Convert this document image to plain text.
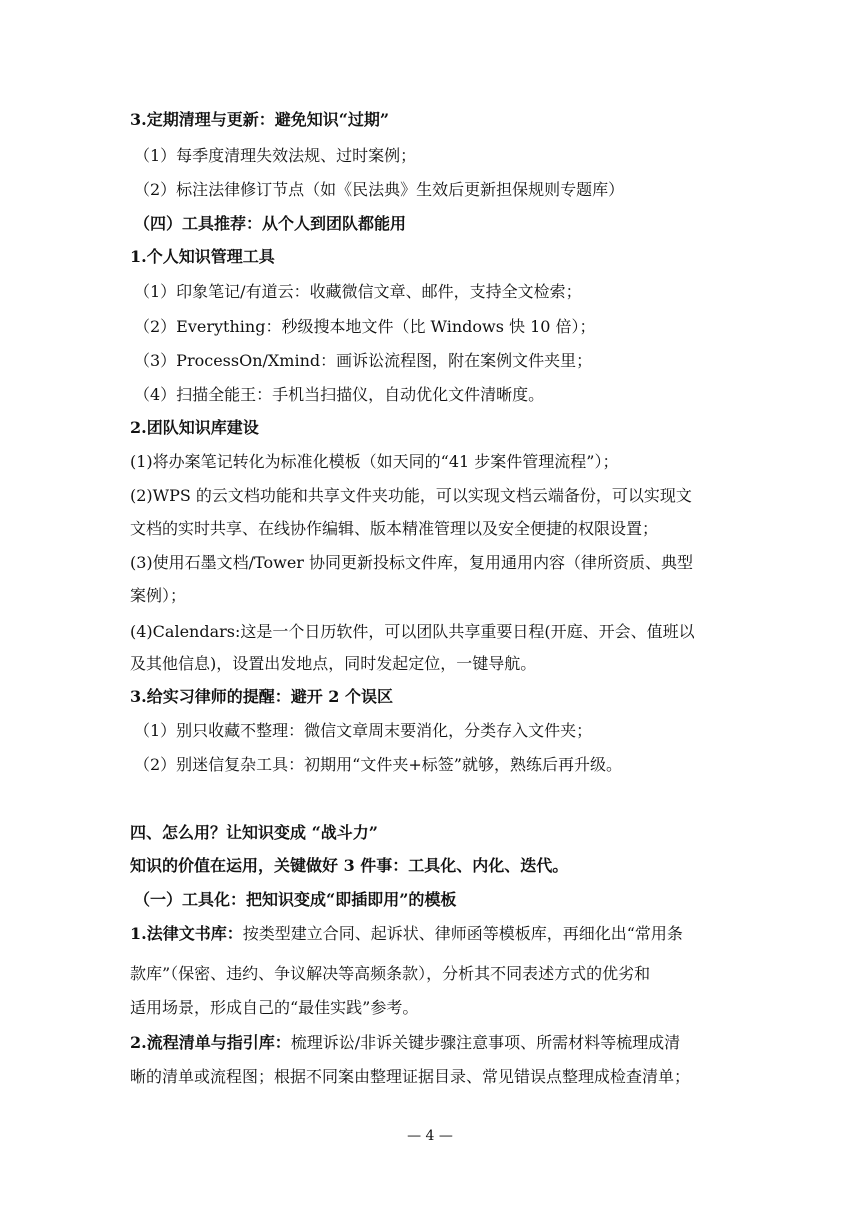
3.定期清理与更新：避免知识“过期”
（1）每季度清理失效法规、过时案例；
（2）标注法律修订节点（如《民法典》生效后更新担保规则专题库）
（四）工具推荐：从个人到团队都能用
1.个人知识管理工具
（1）印象笔记/有道云：收藏微信文章、邮件，支持全文检索；
（2）Everything：秒级搜本地文件（比 Windows 快 10 倍）；
（3）ProcessOn/Xmind：画诉讼流程图，附在案例文件夹里；
（4）扫描全能王：手机当扫描仪，自动优化文件清晰度。
2.团队知识库建设
(1)将办案笔记转化为标准化模板（如天同的“41 步案件管理流程”）；
(2)WPS 的云文档功能和共享文件夹功能，可以实现文档云端备份，可以实现文
文档的实时共享、在线协作编辑、版本精准管理以及安全便捷的权限设置；
(3)使用石墨文档/Tower 协同更新投标文件库，复用通用内容（律所资质、典型
案例）；
(4)Calendars:这是一个日历软件，可以团队共享重要日程(开庭、开会、值班以
及其他信息)，设置出发地点，同时发起定位，一键导航。
3.给实习律师的提醒：避开 2 个误区
（1）别只收藏不整理：微信文章周末要消化，分类存入文件夹；
（2）别迷信复杂工具：初期用“文件夹+标签”就够，熟练后再升级。
四、怎么用？让知识变成 “战斗力”
知识的价值在运用，关键做好 3 件事：工具化、内化、迭代。
（一）工具化：把知识变成“即插即用”的模板
1.法律文书库：按类型建立合同、起诉状、律师函等模板库，再细化出“常用条
款库”（保密、违约、争议解决等高频条款），分析其不同表述方式的优劣和
适用场景，形成自己的“最佳实践”参考。
2.流程清单与指引库：梳理诉讼/非诉关键步骤注意事项、所需材料等梳理成清
晰的清单或流程图；根据不同案由整理证据目录、常见错误点整理成检查清单；
— 4 —
